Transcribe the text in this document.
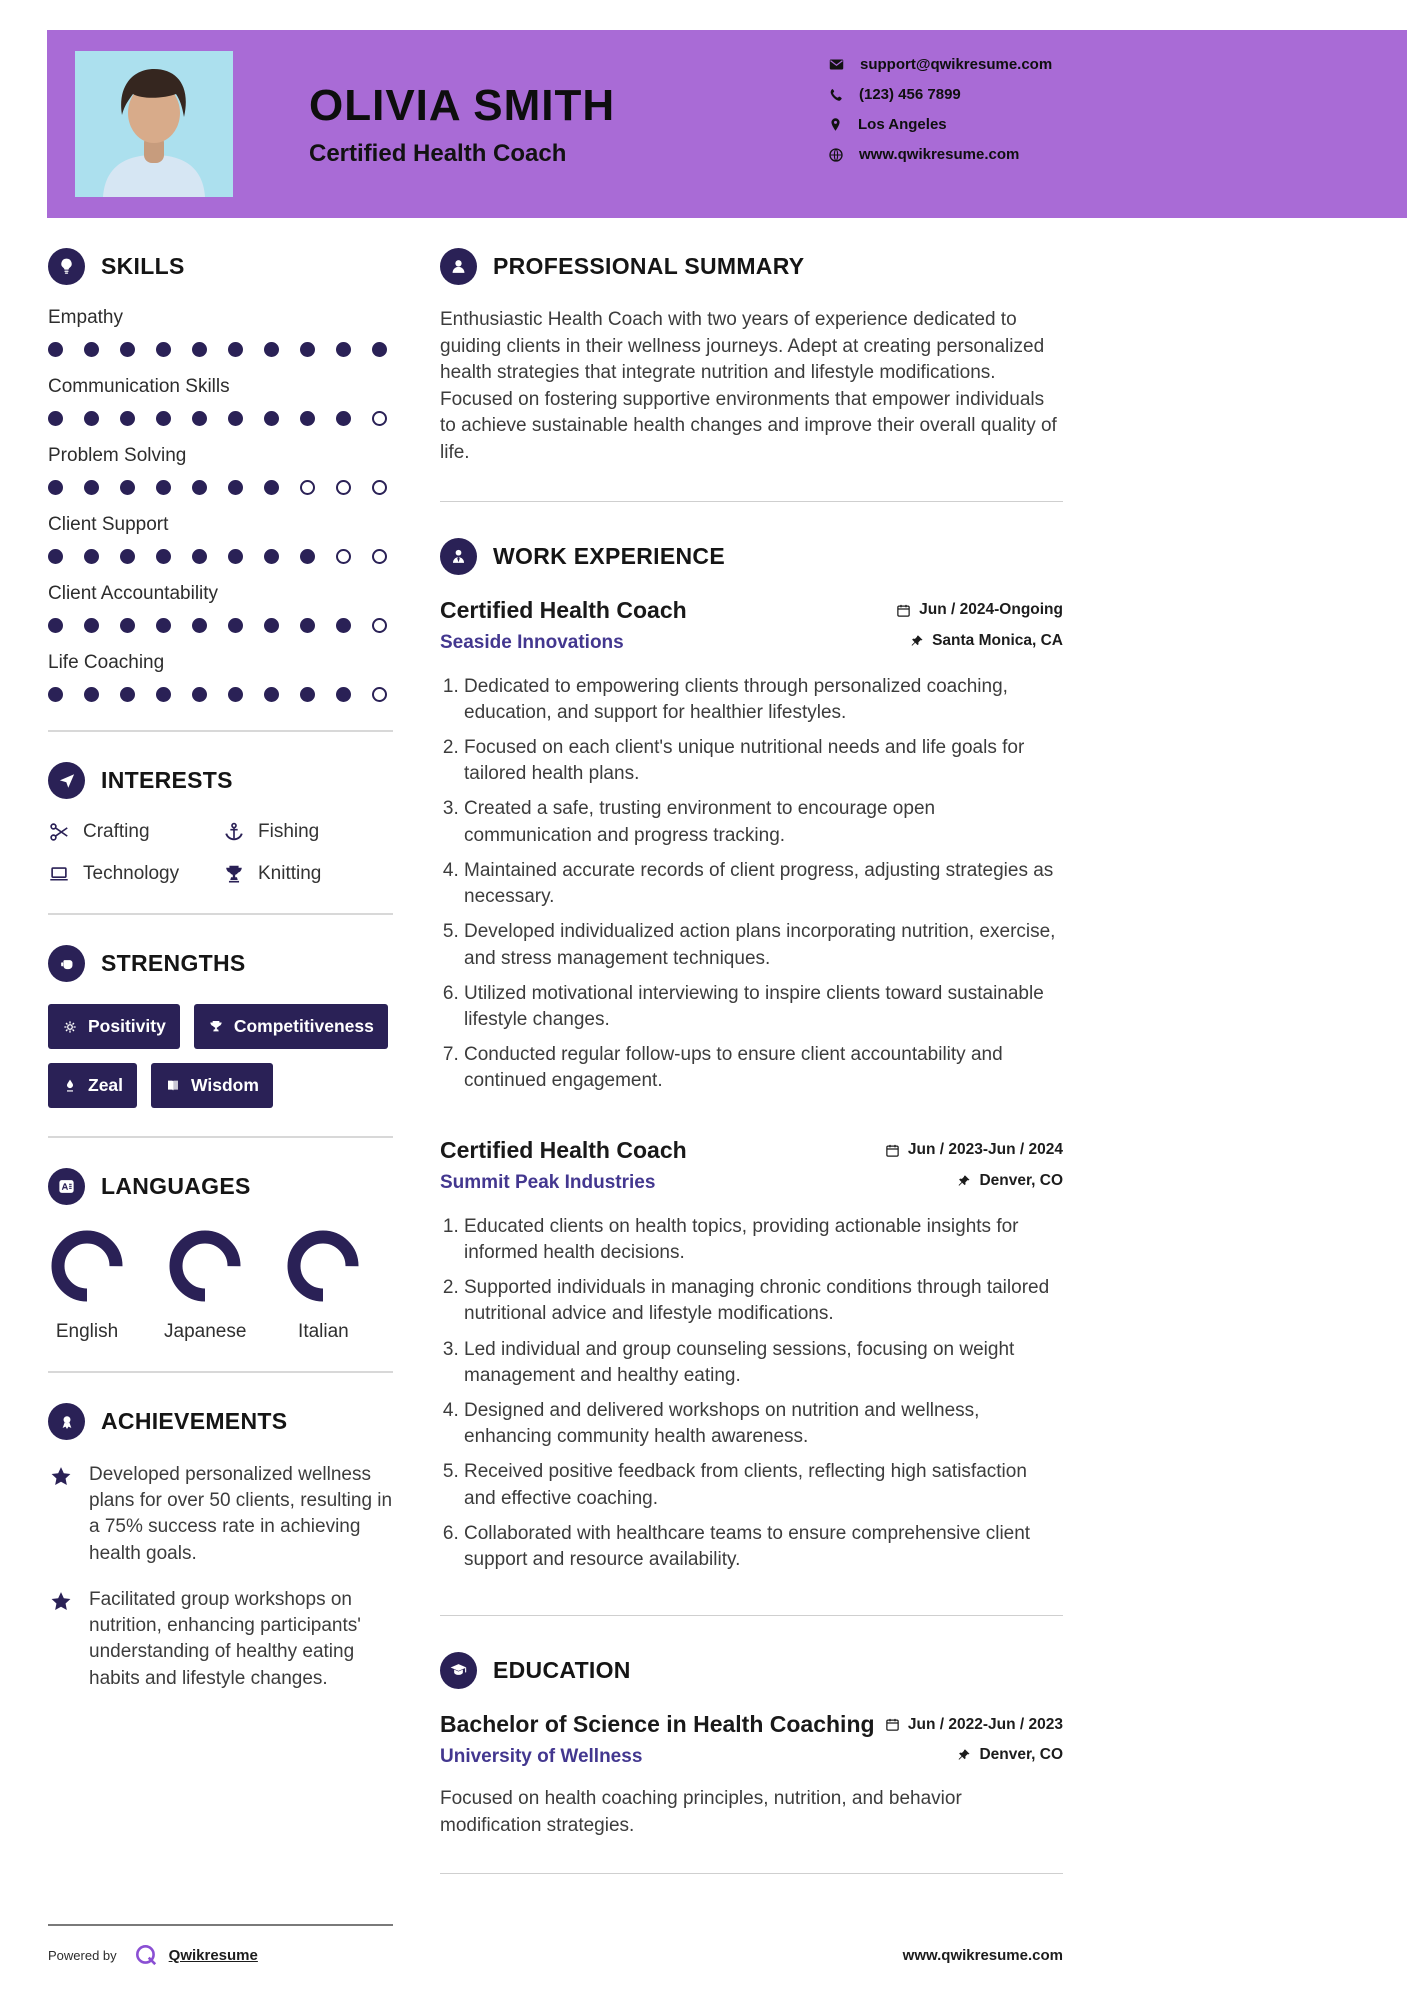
OLIVIA SMITH
Certified Health Coach
support@qwikresume.com
(123) 456 7899
Los Angeles
www.qwikresume.com
SKILLS
Empathy
Communication Skills
Problem Solving
Client Support
Client Accountability
Life Coaching
INTERESTS
Crafting	Fishing
Technology	Knitting
STRENGTHS
Positivity	Competitiveness
Zeal	Wisdom
LANGUAGES
English Japanese	Italian
ACHIEVEMENTS
Developed personalized wellness plans for over 50 clients, resulting in a 75% success rate in achieving health goals.
Facilitated group workshops on nutrition, enhancing participants' understanding of healthy eating habits and lifestyle changes.
PROFESSIONAL SUMMARY
Enthusiastic Health Coach with two years of experience dedicated to guiding clients in their wellness journeys. Adept at creating personalized health strategies that integrate nutrition and lifestyle modifications. Focused on fostering supportive environments that empower individuals to achieve sustainable health changes and improve their overall quality of life.
WORK EXPERIENCE
Certified Health Coach	Jun / 2024-Ongoing
Seaside Innovations	Santa Monica, CA
1. Dedicated to empowering clients through personalized coaching, education, and support for healthier lifestyles.
2. Focused on each client's unique nutritional needs and life goals for tailored health plans.
3. Created a safe, trusting environment to encourage open communication and progress tracking.
4. Maintained accurate records of client progress, adjusting strategies as necessary.
5. Developed individualized action plans incorporating nutrition, exercise, and stress management techniques.
6. Utilized motivational interviewing to inspire clients toward sustainable lifestyle changes.
7. Conducted regular follow-ups to ensure client accountability and continued engagement.
Certified Health Coach	Jun / 2023-Jun / 2024
Summit Peak Industries	Denver, CO
1. Educated clients on health topics, providing actionable insights for informed health decisions.
2. Supported individuals in managing chronic conditions through tailored nutritional advice and lifestyle modifications.
3. Led individual and group counseling sessions, focusing on weight management and healthy eating.
4. Designed and delivered workshops on nutrition and wellness, enhancing community health awareness.
5. Received positive feedback from clients, reflecting high satisfaction and effective coaching.
6. Collaborated with healthcare teams to ensure comprehensive client support and resource availability.
EDUCATION
Bachelor of Science in Health Coaching Jun / 2022-Jun / 2023
University of Wellness	Denver, CO
Focused on health coaching principles, nutrition, and behavior modification strategies.
Powered by	Qwikresume	www.qwikresume.com
